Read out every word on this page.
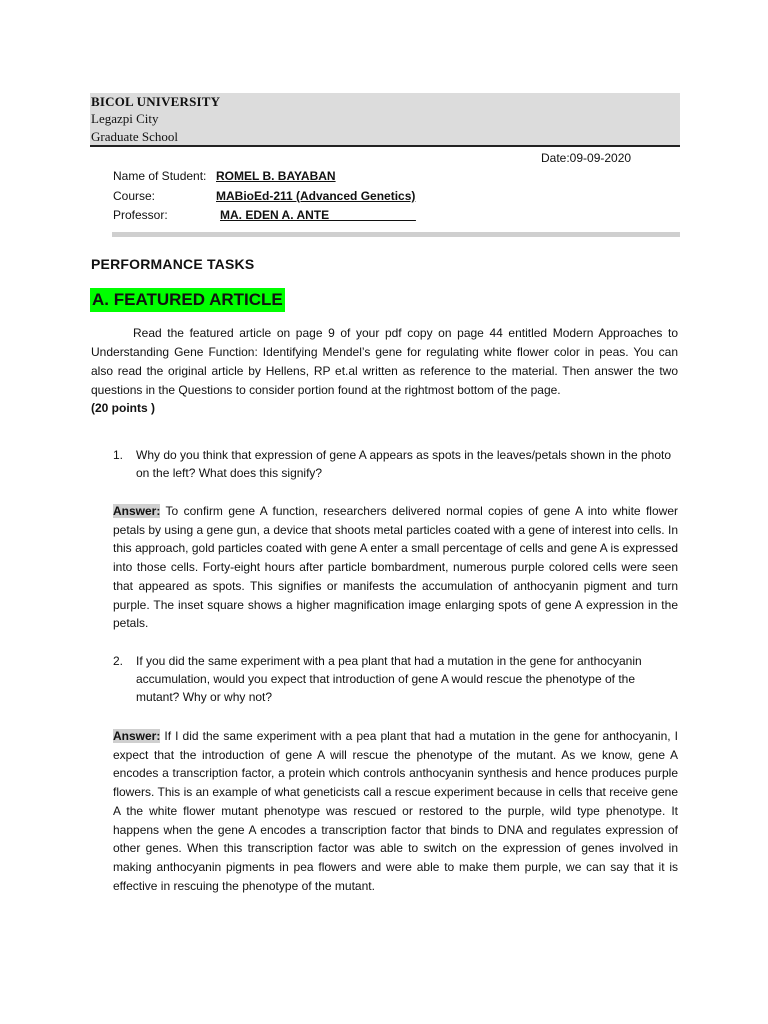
BICOL UNIVERSITY
Legazpi City
Graduate School
Date:09-09-2020
Name of Student: ROMEL B. BAYABAN
Course:	MABioEd-211 (Advanced Genetics)
Professor:	MA. EDEN A. ANTE_____________
PERFORMANCE TASKS
A. FEATURED ARTICLE
Read the featured article on page 9 of your pdf copy on page 44 entitled Modern Approaches to Understanding Gene Function: Identifying Mendel’s gene for regulating white flower color in peas. You can also read the original article by Hellens, RP et.al written as reference to the material. Then answer the two questions in the Questions to consider portion found at the rightmost bottom of the page.
(20 points )
1. Why do you think that expression of gene A appears as spots in the leaves/petals shown in the photo on the left? What does this signify?
Answer: To confirm gene A function, researchers delivered normal copies of gene A into white flower petals by using a gene gun, a device that shoots metal particles coated with a gene of interest into cells. In this approach, gold particles coated with gene A enter a small percentage of cells and gene A is expressed into those cells. Forty-eight hours after particle bombardment, numerous purple colored cells were seen that appeared as spots. This signifies or manifests the accumulation of anthocyanin pigment and turn purple. The inset square shows a higher magnification image enlarging spots of gene A expression in the petals.
2. If you did the same experiment with a pea plant that had a mutation in the gene for anthocyanin accumulation, would you expect that introduction of gene A would rescue the phenotype of the mutant? Why or why not?
Answer: If I did the same experiment with a pea plant that had a mutation in the gene for anthocyanin, I expect that the introduction of gene A will rescue the phenotype of the mutant. As we know, gene A encodes a transcription factor, a protein which controls anthocyanin synthesis and hence produces purple flowers. This is an example of what geneticists call a rescue experiment because in cells that receive gene A the white flower mutant phenotype was rescued or restored to the purple, wild type phenotype. It happens when the gene A encodes a transcription factor that binds to DNA and regulates expression of other genes. When this transcription factor was able to switch on the expression of genes involved in making anthocyanin pigments in pea flowers and were able to make them purple, we can say that it is effective in rescuing the phenotype of the mutant.
